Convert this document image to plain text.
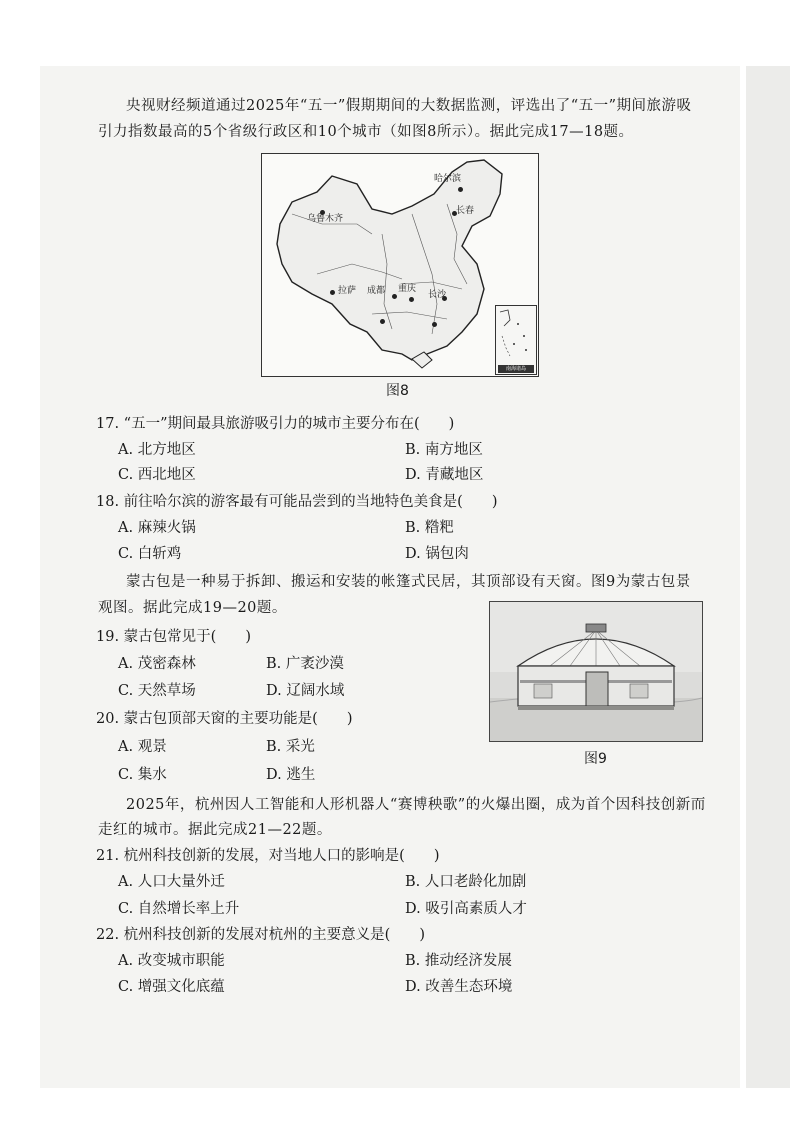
央视财经频道通过2025年“五一”假期期间的大数据监测，评选出了“五一”期间旅游吸
引力指数最高的5个省级行政区和10个城市（如图8所示）。据此完成17—18题。
哈尔滨
长春
乌鲁木齐
拉萨 成都 重庆
长沙
南海诸岛
图8
17. “五一”期间最具旅游吸引力的城市主要分布在(　　)
A. 北方地区	B. 南方地区
C. 西北地区	D. 青藏地区
18. 前往哈尔滨的游客最有可能品尝到的当地特色美食是(　　)
A. 麻辣火锅	B. 糌粑
C. 白斩鸡	D. 锅包肉
蒙古包是一种易于拆卸、搬运和安装的帐篷式民居，其顶部设有天窗。图9为蒙古包景
观图。据此完成19—20题。
19. 蒙古包常见于(　　)
A. 茂密森林	B. 广袤沙漠
C. 天然草场	D. 辽阔水域
图9
20. 蒙古包顶部天窗的主要功能是(　　)
A. 观景	B. 采光
C. 集水	D. 逃生
2025年，杭州因人工智能和人形机器人“赛博秧歌”的火爆出圈，成为首个因科技创新而
走红的城市。据此完成21—22题。
21. 杭州科技创新的发展，对当地人口的影响是(　　)
A. 人口大量外迁	B. 人口老龄化加剧
C. 自然增长率上升	D. 吸引高素质人才
22. 杭州科技创新的发展对杭州的主要意义是(　　)
A. 改变城市职能	B. 推动经济发展
C. 增强文化底蕴	D. 改善生态环境
